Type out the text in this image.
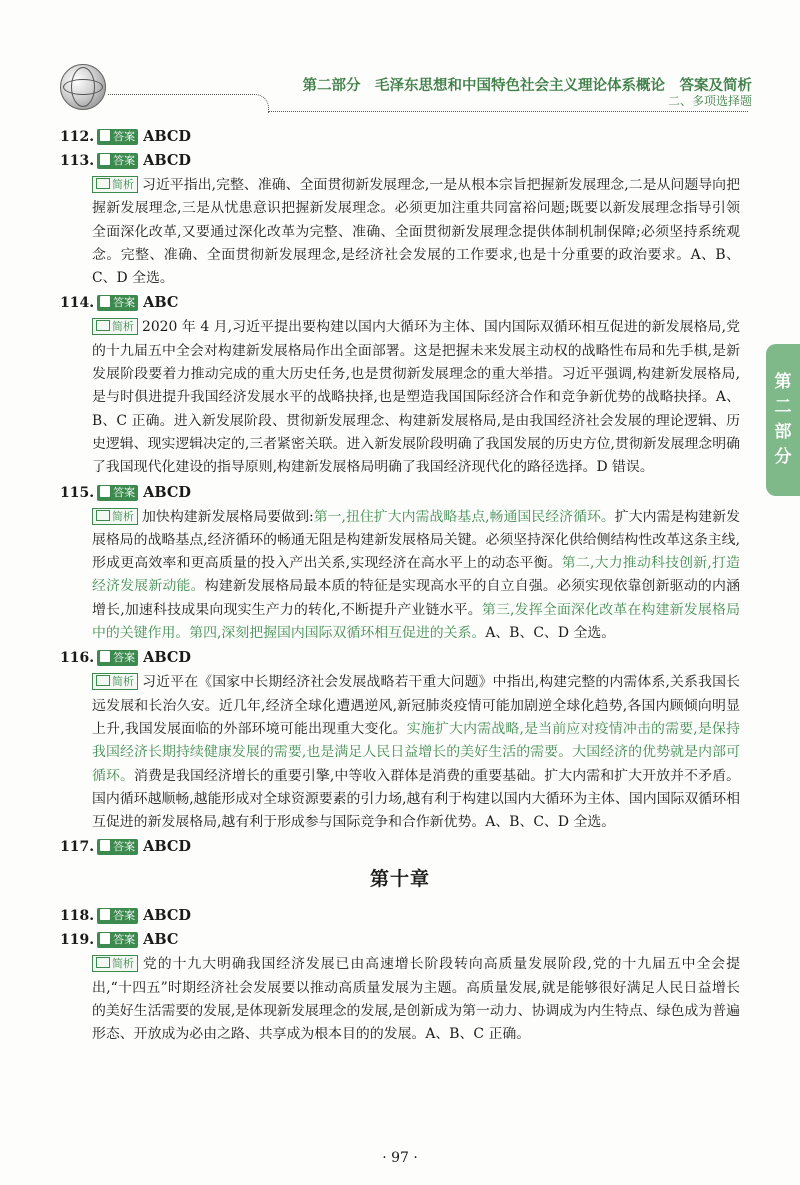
第二部分　毛泽东思想和中国特色社会主义理论体系概论　答案及简析
二、多项选择题
第
二
部
分
112. 答案 ABCD
113. 答案 ABCD
简析 习近平指出,完整、准确、全面贯彻新发展理念,一是从根本宗旨把握新发展理念,二是从问题导向把握新发展理念,三是从忧患意识把握新发展理念。必须更加注重共同富裕问题;既要以新发展理念指导引领全面深化改革,又要通过深化改革为完整、准确、全面贯彻新发展理念提供体制机制保障;必须坚持系统观念。完整、准确、全面贯彻新发展理念,是经济社会发展的工作要求,也是十分重要的政治要求。A、B、C、D 全选。
114. 答案 ABC
简析 2020 年 4 月,习近平提出要构建以国内大循环为主体、国内国际双循环相互促进的新发展格局,党的十九届五中全会对构建新发展格局作出全面部署。这是把握未来发展主动权的战略性布局和先手棋,是新发展阶段要着力推动完成的重大历史任务,也是贯彻新发展理念的重大举措。习近平强调,构建新发展格局,是与时俱进提升我国经济发展水平的战略抉择,也是塑造我国国际经济合作和竞争新优势的战略抉择。A、B、C 正确。进入新发展阶段、贯彻新发展理念、构建新发展格局,是由我国经济社会发展的理论逻辑、历史逻辑、现实逻辑决定的,三者紧密关联。进入新发展阶段明确了我国发展的历史方位,贯彻新发展理念明确了我国现代化建设的指导原则,构建新发展格局明确了我国经济现代化的路径选择。D 错误。
115. 答案 ABCD
简析 加快构建新发展格局要做到:第一,扭住扩大内需战略基点,畅通国民经济循环。扩大内需是构建新发展格局的战略基点,经济循环的畅通无阻是构建新发展格局关键。必须坚持深化供给侧结构性改革这条主线,形成更高效率和更高质量的投入产出关系,实现经济在高水平上的动态平衡。第二,大力推动科技创新,打造经济发展新动能。构建新发展格局最本质的特征是实现高水平的自立自强。必须实现依靠创新驱动的内涵增长,加速科技成果向现实生产力的转化,不断提升产业链水平。第三,发挥全面深化改革在构建新发展格局中的关键作用。第四,深刻把握国内国际双循环相互促进的关系。A、B、C、D 全选。
116. 答案 ABCD
简析 习近平在《国家中长期经济社会发展战略若干重大问题》中指出,构建完整的内需体系,关系我国长远发展和长治久安。近几年,经济全球化遭遇逆风,新冠肺炎疫情可能加剧逆全球化趋势,各国内顾倾向明显上升,我国发展面临的外部环境可能出现重大变化。实施扩大内需战略,是当前应对疫情冲击的需要,是保持我国经济长期持续健康发展的需要,也是满足人民日益增长的美好生活的需要。大国经济的优势就是内部可循环。消费是我国经济增长的重要引擎,中等收入群体是消费的重要基础。扩大内需和扩大开放并不矛盾。国内循环越顺畅,越能形成对全球资源要素的引力场,越有利于构建以国内大循环为主体、国内国际双循环相互促进的新发展格局,越有利于形成参与国际竞争和合作新优势。A、B、C、D 全选。
117. 答案 ABCD
第十章
118. 答案 ABCD
119. 答案 ABC
简析 党的十九大明确我国经济发展已由高速增长阶段转向高质量发展阶段,党的十九届五中全会提出,“十四五”时期经济社会发展要以推动高质量发展为主题。高质量发展,就是能够很好满足人民日益增长的美好生活需要的发展,是体现新发展理念的发展,是创新成为第一动力、协调成为内生特点、绿色成为普遍形态、开放成为必由之路、共享成为根本目的的发展。A、B、C 正确。
· 97 ·
